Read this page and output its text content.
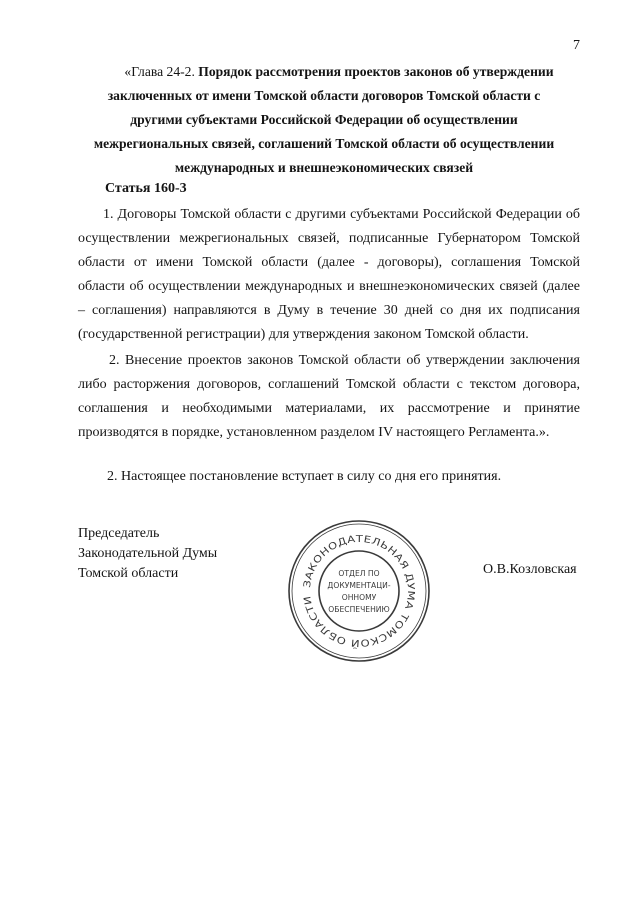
7

«Глава 24-2. Порядок рассмотрения проектов законов об утверждении

заключенных от имени Томской области договоров Томской области с

другими субъектами Российской Федерации об осуществлении

межрегиональных связей, соглашений Томской области об осуществлении

международных и внешнеэкономических связей

Статья 160-3

1. Договоры Томской области с другими субъектами Российской Федерации об осуществлении межрегиональных связей, подписанные Губернатором Томской области от имени Томской области (далее - договоры), соглашения Томской области об осуществлении международных и внешнеэкономических связей (далее – соглашения) направляются в Думу в течение 30 дней со дня их подписания (государственной регистрации) для утверждения законом Томской области.

2. Внесение проектов законов Томской области об утверждении заключения либо расторжения договоров, соглашений Томской области с текстом договора, соглашения и необходимыми материалами, их рассмотрение и принятие производятся в порядке, установленном разделом IV настоящего Регламента.».

2. Настоящее постановление вступает в силу со дня его принятия.
Председатель
Законодательной Думы
Томской области	О.В.Козловская
ЗАКОНОДАТЕЛЬНАЯ ДУМА ТОМСКОЙ ОБЛАСТИ
ОТДЕЛ ПО
ДОКУМЕНТАЦИ-
ОННОМУ
ОБЕСПЕЧЕНИЮ
